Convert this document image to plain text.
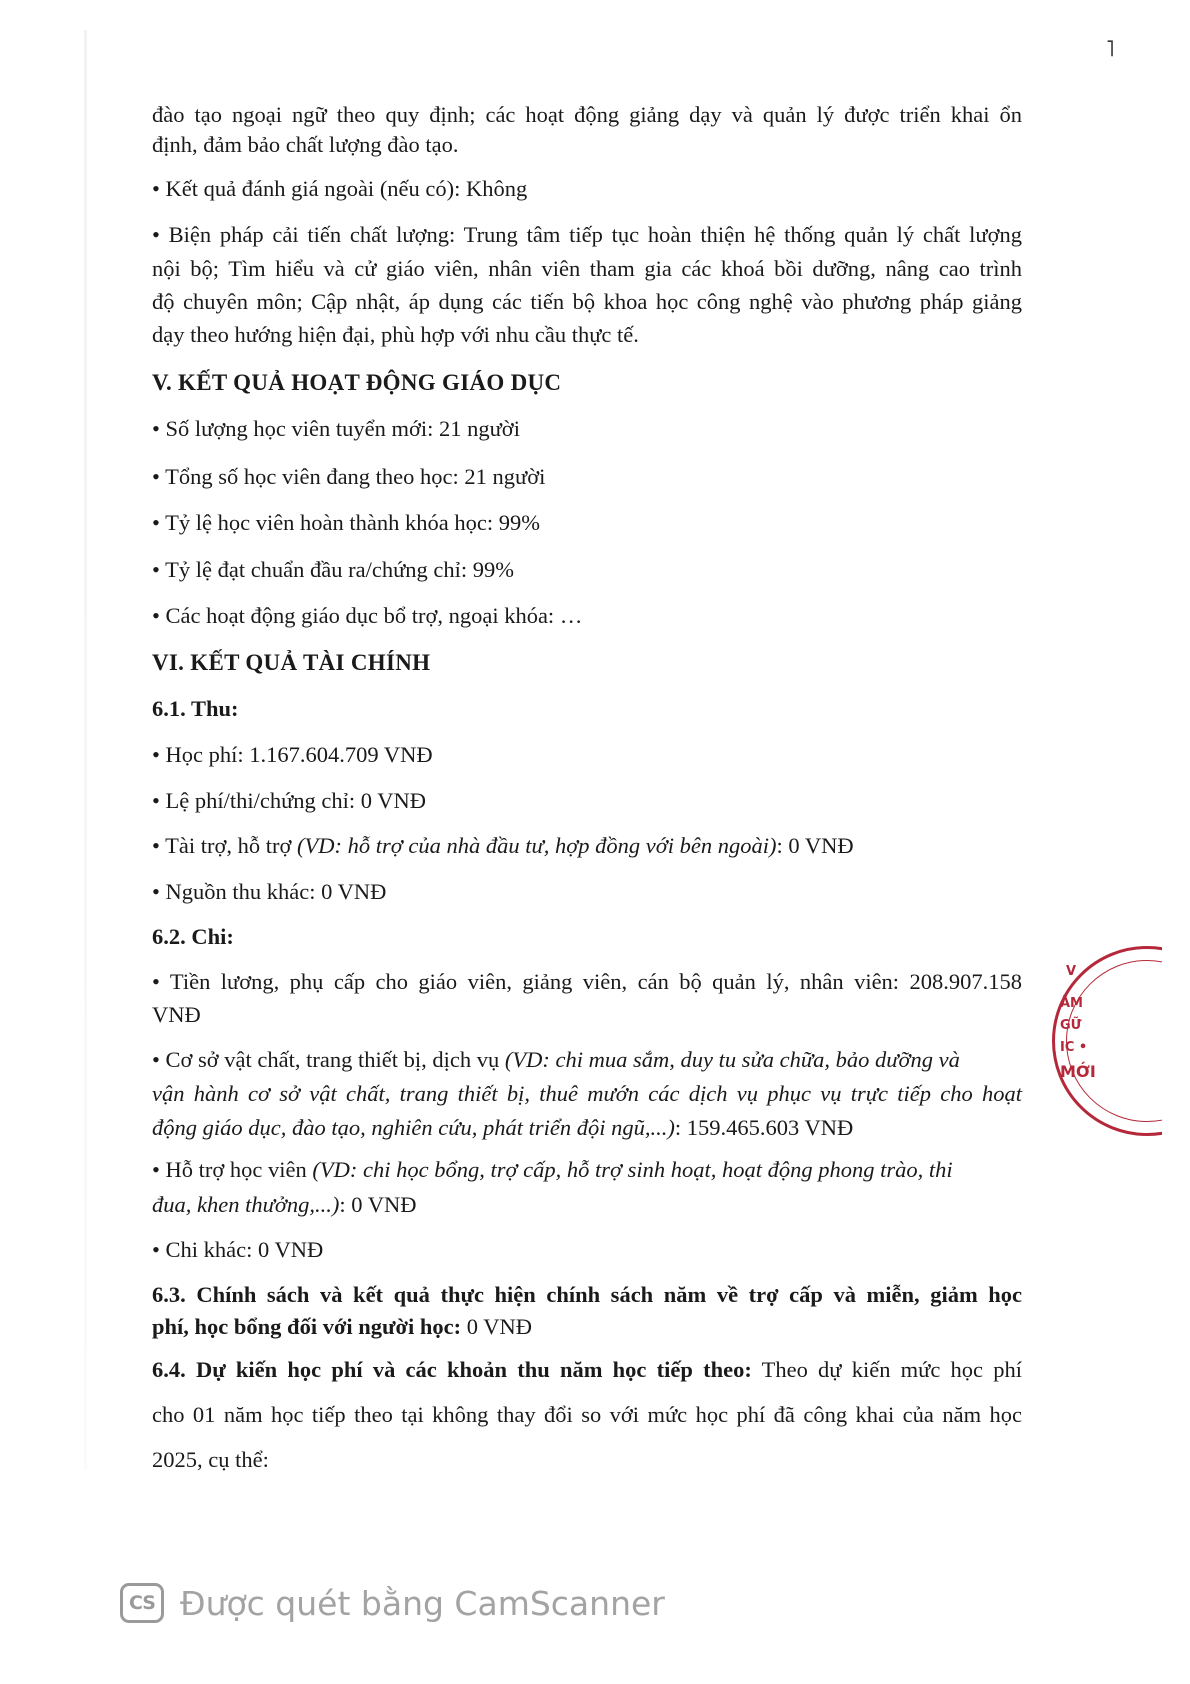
˥
đào tạo ngoại ngữ theo quy định; các hoạt động giảng dạy và quản lý được triển khai ổn
định, đảm bảo chất lượng đào tạo.
• Kết quả đánh giá ngoài (nếu có): Không
• Biện pháp cải tiến chất lượng: Trung tâm tiếp tục hoàn thiện hệ thống quản lý chất lượng
nội bộ; Tìm hiểu và cử giáo viên, nhân viên tham gia các khoá bồi dưỡng, nâng cao trình
độ chuyên môn; Cập nhật, áp dụng các tiến bộ khoa học công nghệ vào phương pháp giảng
dạy theo hướng hiện đại, phù hợp với nhu cầu thực tế.
V. KẾT QUẢ HOẠT ĐỘNG GIÁO DỤC
• Số lượng học viên tuyển mới: 21 người
• Tổng số học viên đang theo học: 21 người
• Tỷ lệ học viên hoàn thành khóa học: 99%
• Tỷ lệ đạt chuẩn đầu ra/chứng chỉ: 99%
• Các hoạt động giáo dục bổ trợ, ngoại khóa: …
VI. KẾT QUẢ TÀI CHÍNH
6.1. Thu:
• Học phí: 1.167.604.709 VNĐ
• Lệ phí/thi/chứng chỉ: 0 VNĐ
• Tài trợ, hỗ trợ (VD: hỗ trợ của nhà đầu tư, hợp đồng với bên ngoài): 0 VNĐ
• Nguồn thu khác: 0 VNĐ
6.2. Chi:
• Tiền lương, phụ cấp cho giáo viên, giảng viên, cán bộ quản lý, nhân viên: 208.907.158
VNĐ
• Cơ sở vật chất, trang thiết bị, dịch vụ (VD: chi mua sắm, duy tu sửa chữa, bảo dưỡng và
vận hành cơ sở vật chất, trang thiết bị, thuê mướn các dịch vụ phục vụ trực tiếp cho hoạt
động giáo dục, đào tạo, nghiên cứu, phát triển đội ngũ,...): 159.465.603 VNĐ
• Hỗ trợ học viên (VD: chi học bổng, trợ cấp, hỗ trợ sinh hoạt, hoạt động phong trào, thi
đua, khen thưởng,...): 0 VNĐ
• Chi khác: 0 VNĐ
6.3. Chính sách và kết quả thực hiện chính sách năm về trợ cấp và miễn, giảm học
phí, học bổng đối với người học: 0 VNĐ
6.4. Dự kiến học phí và các khoản thu năm học tiếp theo: Theo dự kiến mức học phí
cho 01 năm học tiếp theo tại không thay đổi so với mức học phí đã công khai của năm học
2025, cụ thể:
V
ÂM
GỮ
IC •
MỚI
CS Được quét bằng CamScanner
